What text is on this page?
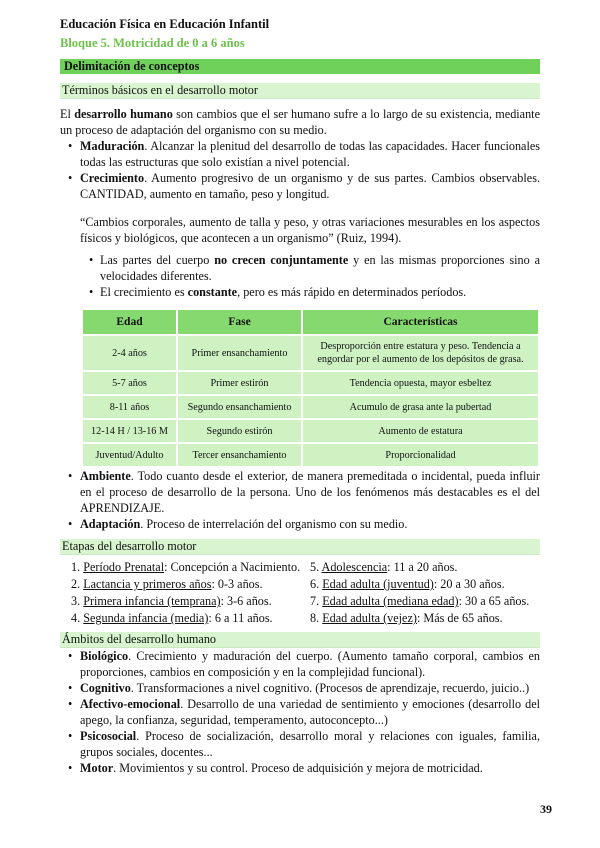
Educación Física en Educación Infantil
Bloque 5. Motricidad de 0 a 6 años
Delimitación de conceptos
Términos básicos en el desarrollo motor

El desarrollo humano son cambios que el ser humano sufre a lo largo de su existencia, mediante un proceso de adaptación del organismo con su medio.

• Maduración. Alcanzar la plenitud del desarrollo de todas las capacidades. Hacer funcionales todas las estructuras que solo existían a nivel potencial.
• Crecimiento. Aumento progresivo de un organismo y de sus partes. Cambios observables. CANTIDAD, aumento en tamaño, peso y longitud.

“Cambios corporales, aumento de talla y peso, y otras variaciones mesurables en los aspectos físicos y biológicos, que acontecen a un organismo” (Ruiz, 1994).

• Las partes del cuerpo no crecen conjuntamente y en las mismas proporciones sino a velocidades diferentes.
• El crecimiento es constante, pero es más rápido en determinados períodos.
Edad	Fase	Características
2-4 años	Primer ensanchamiento	Desproporción entre estatura y peso. Tendencia a engordar por el aumento de los depósitos de grasa.
5-7 años	Primer estirón	Tendencia opuesta, mayor esbeltez
8-11 años	Segundo ensanchamiento	Acumulo de grasa ante la pubertad
12-14 H / 13-16 M	Segundo estirón	Aumento de estatura
Juventud/Adulto	Tercer ensanchamiento	Proporcionalidad
• Ambiente. Todo cuanto desde el exterior, de manera premeditada o incidental, pueda influir en el proceso de desarrollo de la persona. Uno de los fenómenos más destacables es el del APRENDIZAJE.
• Adaptación. Proceso de interrelación del organismo con su medio.
Etapas del desarrollo motor
1. Período Prenatal: Concepción a Nacimiento.
2. Lactancia y primeros años: 0-3 años.
3. Primera infancia (temprana): 3-6 años.
4. Segunda infancia (media): 6 a 11 años.
5. Adolescencia: 11 a 20 años.
6. Edad adulta (juventud): 20 a 30 años.
7. Edad adulta (mediana edad): 30 a 65 años.
8. Edad adulta (vejez): Más de 65 años.
Ámbitos del desarrollo humano
• Biológico. Crecimiento y maduración del cuerpo. (Aumento tamaño corporal, cambios en proporciones, cambios en composición y en la complejidad funcional).
• Cognitivo. Transformaciones a nivel cognitivo. (Procesos de aprendizaje, recuerdo, juicio..)
• Afectivo-emocional. Desarrollo de una variedad de sentimiento y emociones (desarrollo del apego, la confianza, seguridad, temperamento, autoconcepto...)
• Psicosocial. Proceso de socialización, desarrollo moral y relaciones con iguales, familia, grupos sociales, docentes...
• Motor. Movimientos y su control. Proceso de adquisición y mejora de motricidad.
39
